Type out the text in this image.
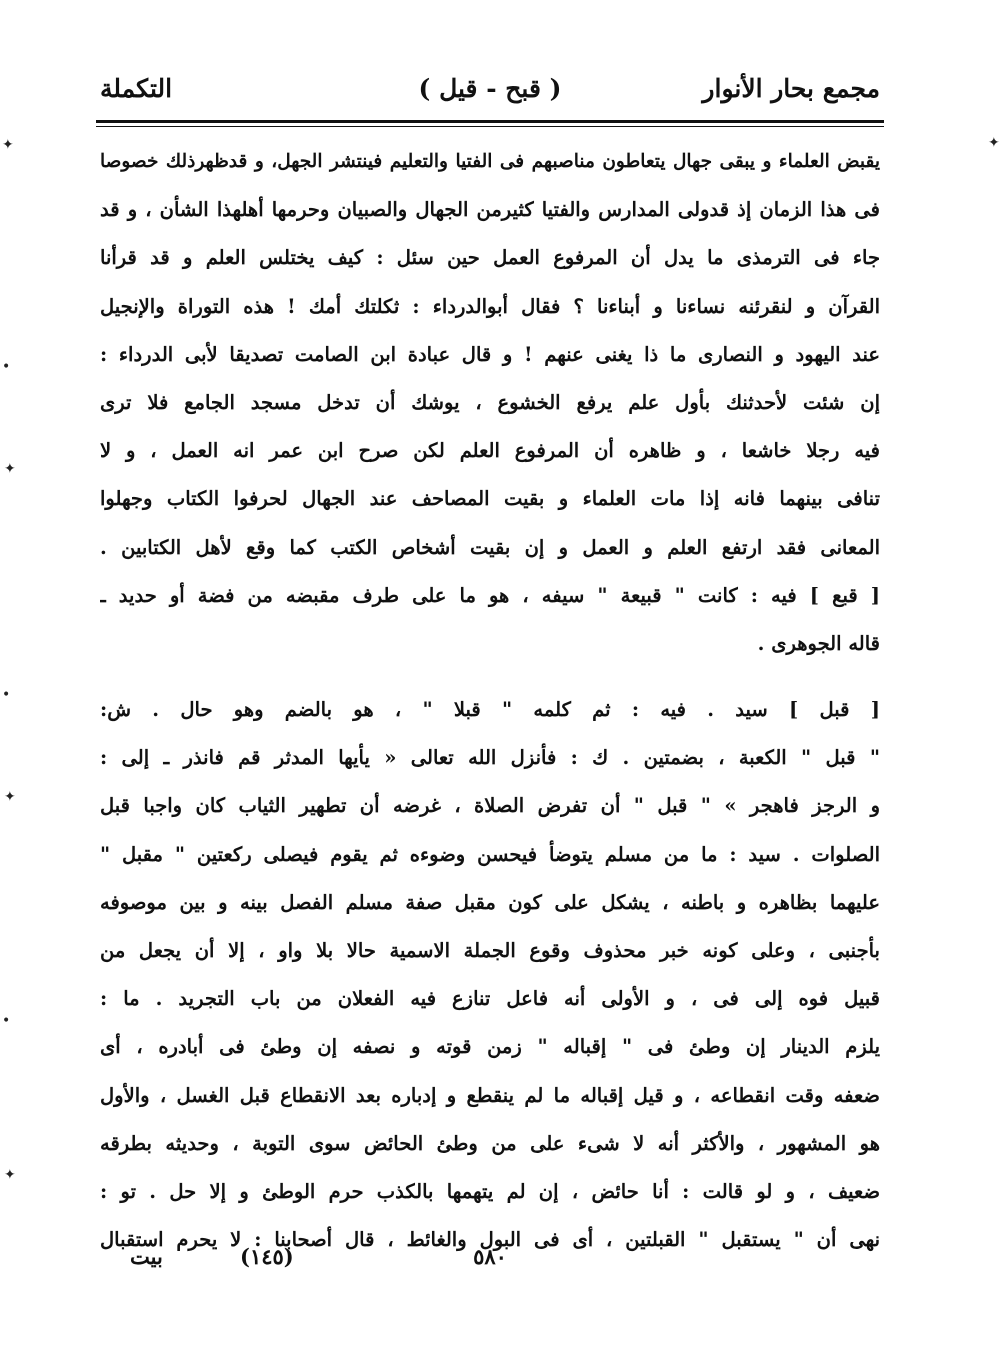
مجمع بحار الأنوار
( قبح - قيل )
التكملة
يقبض العلماء و يبقى جهال يتعاطون مناصبهم فى الفتيا والتعليم فينتشر الجهل، و قدظهرذلك خصوصا
فى هذا الزمان إذ قدولى المدارس والفتيا كثيرمن الجهال والصبيان وحرمها أهلهذا الشأن ، و قد
جاء فى الترمذى ما يدل أن المرفوع العمل حين سئل : كيف يختلس العلم و قد قرأنا
القرآن و لنقرئنه نساءنا و أبناءنا ؟ فقال أبوالدرداء : ثكلتك أمك ! هذه التوراة والإنجيل
عند اليهود و النصارى ما ذا يغنى عنهم ! و قال عبادة ابن الصامت تصديقا لأبى الدرداء :
إن شئت لأحدثنك بأول علم يرفع الخشوع ، يوشك أن تدخل مسجد الجامع فلا ترى
فيه رجلا خاشعا ، و ظاهره أن المرفوع العلم لكن صرح ابن عمر انه العمل ، و لا
تنافى بينهما فانه إذا مات العلماء و بقيت المصاحف عند الجهال لحرفوا الكتاب وجهلوا
المعانى فقد ارتفع العلم و العمل و إن بقيت أشخاص الكتب كما وقع لأهل الكتابين .
[ قبع ] فيه : كانت " قبيعة " سيفه ، هو ما على طرف مقبضه من فضة أو حديد ـ
قاله الجوهرى .
[ قبل ] سيد . فيه : ثم كلمه " قبلا " ، هو بالضم وهو حال . ش:
" قبل " الكعبة ، بضمتين . ك : فأنزل الله تعالى « يأيها المدثر قم فانذر ـ إلى :
و الرجز فاهجر » " قبل " أن تفرض الصلاة ، غرضه أن تطهير الثياب كان واجبا قبل
الصلوات . سيد : ما من مسلم يتوضأ فيحسن وضوءه ثم يقوم فيصلى ركعتين " مقبل "
عليهما بظاهره و باطنه ، يشكل على كون مقبل صفة مسلم الفصل بينه و بين موصوفه
بأجنبى ، وعلى كونه خبر محذوف وقوع الجملة الاسمية حالا بلا واو ، إلا أن يجعل من
قبيل فوه إلى فى ، و الأولى أنه فاعل تنازع فيه الفعلان من باب التجريد . ما :
يلزم الدينار إن وطئ فى " إقباله " زمن قوته و نصفه إن وطئ فى أبادره ، أى
ضعفه وقت انقطاعه ، و قيل إقباله ما لم ينقطع و إدباره بعد الانقطاع قبل الغسل ، والأول
هو المشهور ، والأكثر أنه لا شىء على من وطئ الحائض سوى التوبة ، وحديثه بطرقه
ضعيف ، و لو قالت : أنا حائض ، إن لم يتهمها بالكذب حرم الوطئ و إلا حل . تو :
نهى أن " يستقبل " القبلتين ، أى فى البول والغائط ، قال أصحابنا : لا يحرم استقبال
٥٨٠
(١٤٥)
بيت
✦
✦
•
✦
•
✦
•
✦
